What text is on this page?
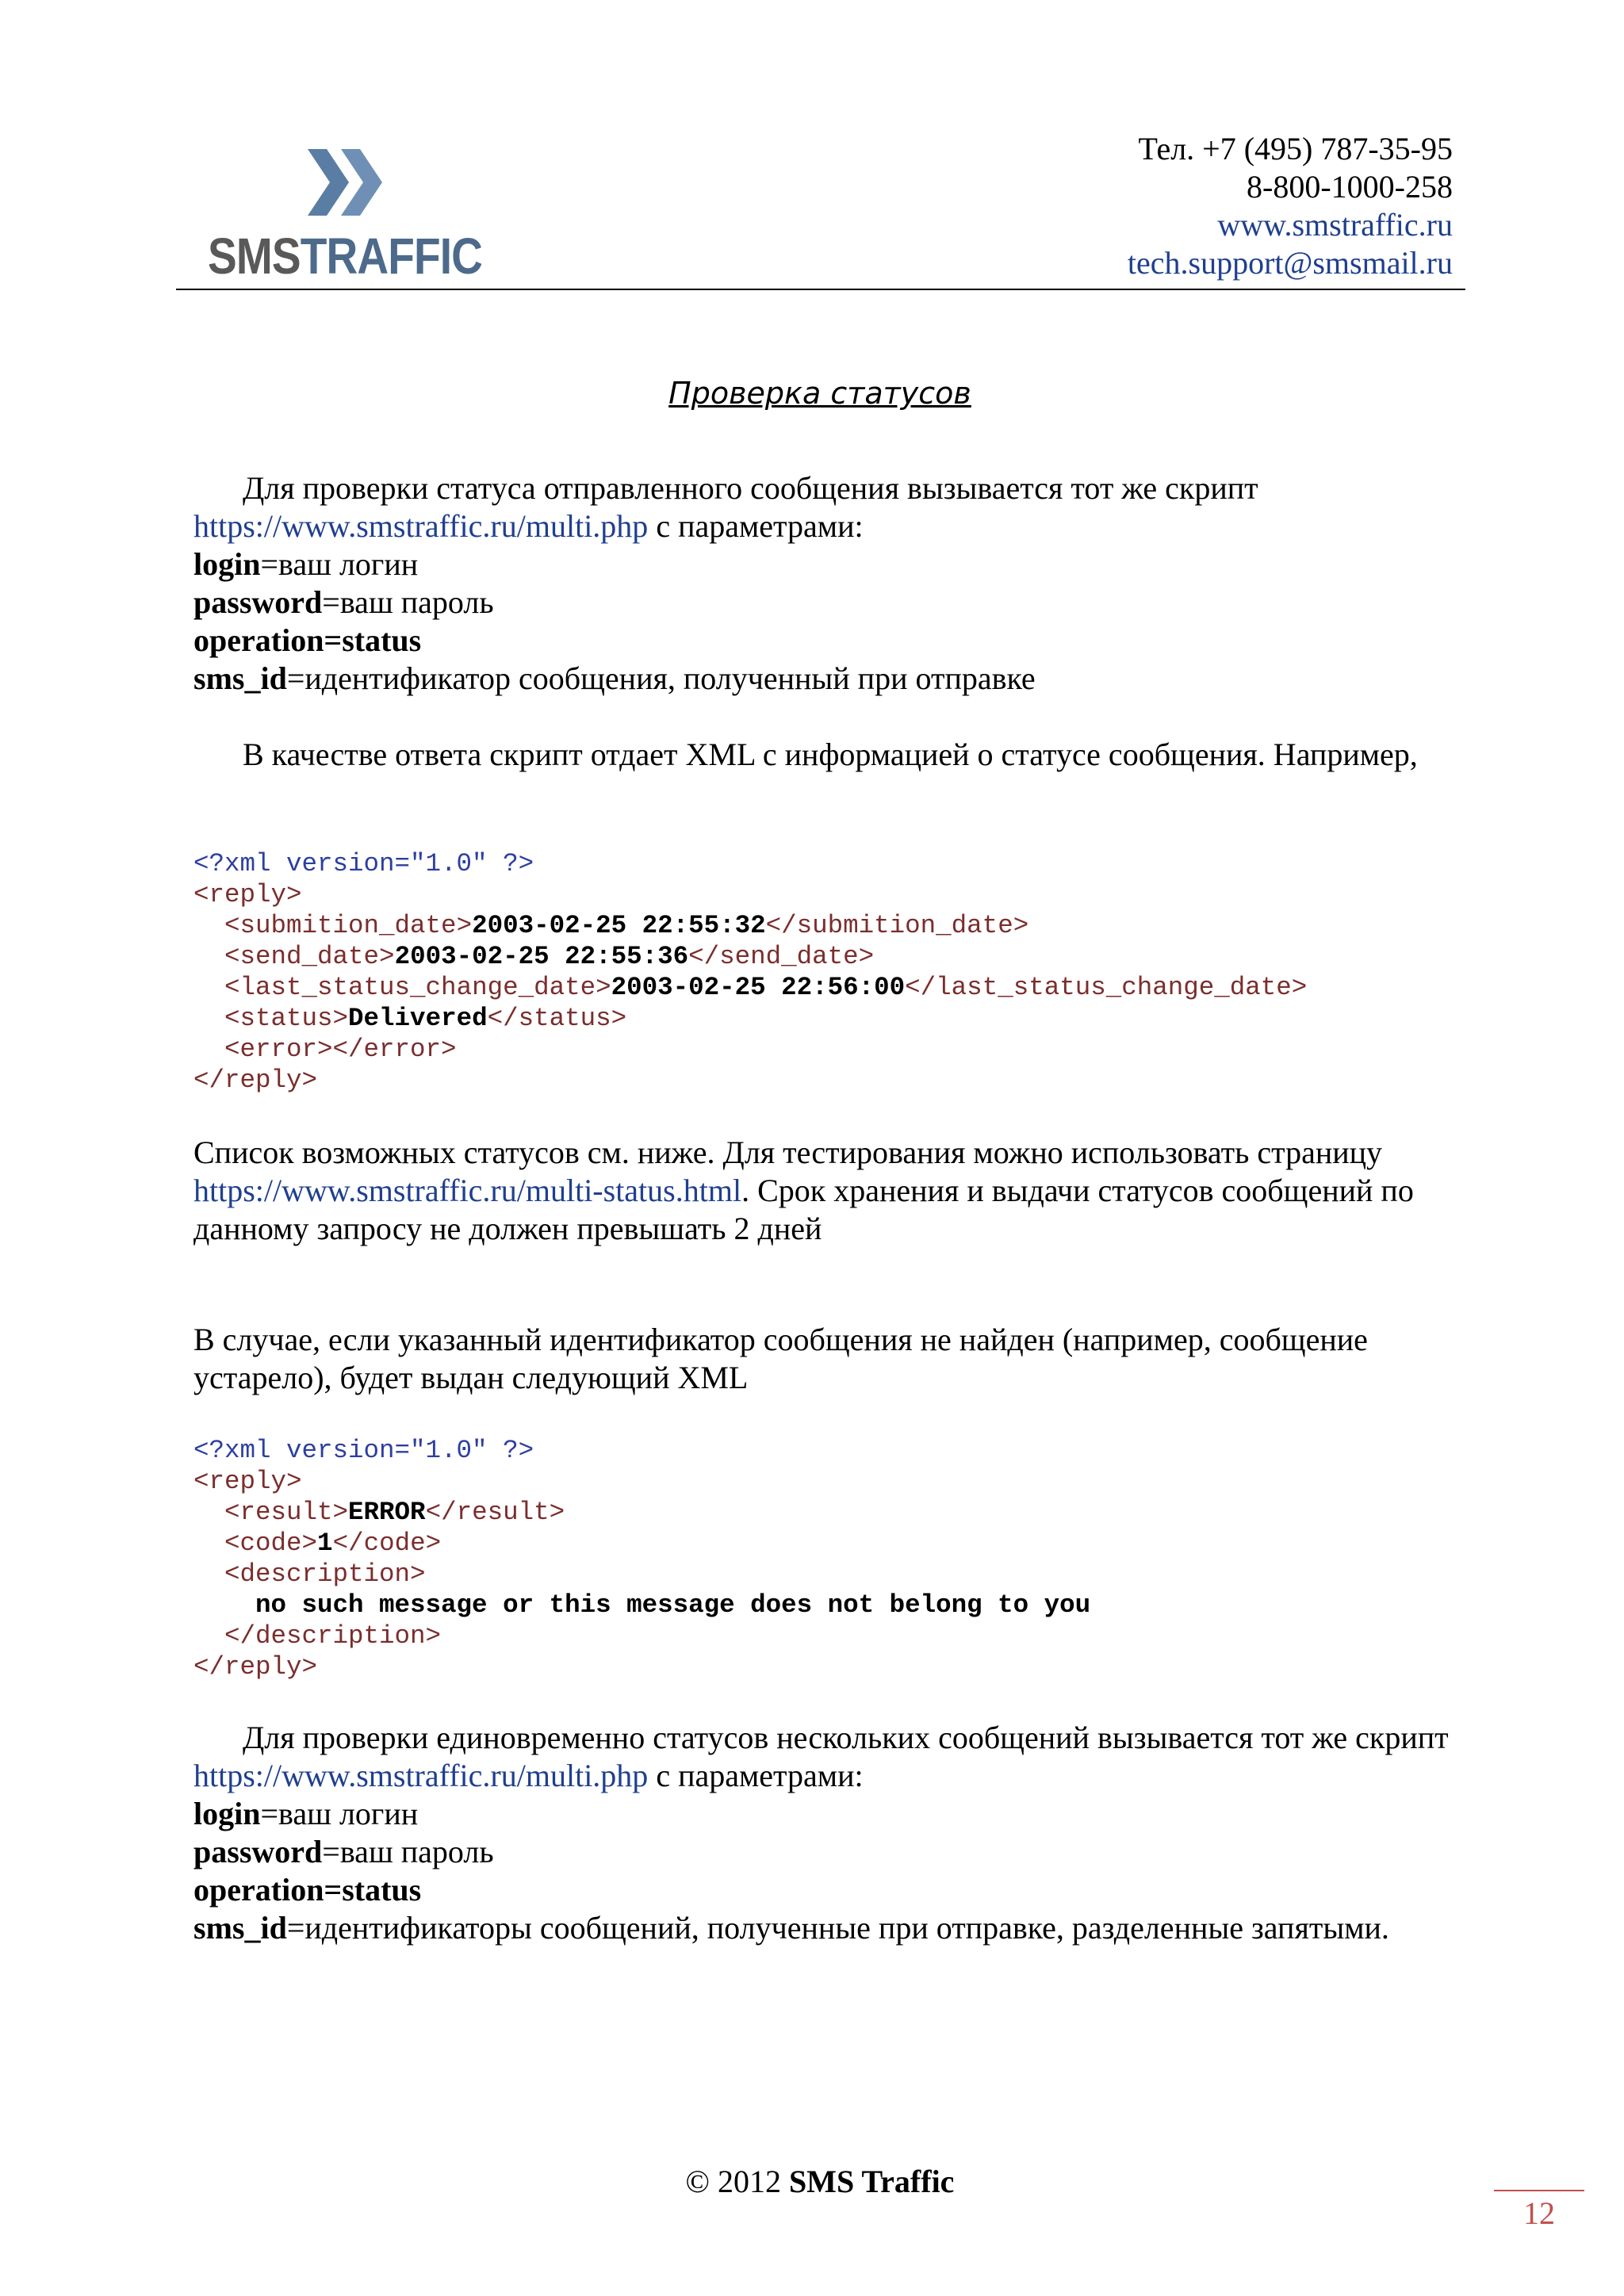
SMSTRAFFIC
Тел. +7 (495) 787-35-95
8-800-1000-258
www.smstraffic.ru
tech.support@smsmail.ru
Проверка статусов
Для проверки статуса отправленного сообщения вызывается тот же скрипт
https://www.smstraffic.ru/multi.php с параметрами:
login=ваш логин
password=ваш пароль
operation=status
sms_id=идентификатор сообщения, полученный при отправке
В качестве ответа скрипт отдает XML с информацией о статусе сообщения. Например,
<?xml version="1.0" ?>
<reply>
<submition_date>2003-02-25 22:55:32</submition_date>
<send_date>2003-02-25 22:55:36</send_date>
<last_status_change_date>2003-02-25 22:56:00</last_status_change_date>
<status>Delivered</status>
<error></error>
</reply>
Список возможных статусов см. ниже. Для тестирования можно использовать страницу
https://www.smstraffic.ru/multi-status.html. Срок хранения и выдачи статусов сообщений по данному запросу не должен превышать 2 дней
В случае, если указанный идентификатор сообщения не найден (например, сообщение устарело), будет выдан следующий XML
<?xml version="1.0" ?>
<reply>
<result>ERROR</result>
<code>1</code>
<description>
no such message or this message does not belong to you
</description>
</reply>
Для проверки единовременно статусов нескольких сообщений вызывается тот же скрипт https://www.smstraffic.ru/multi.php с параметрами:
login=ваш логин
password=ваш пароль
operation=status
sms_id=идентификаторы сообщений, полученные при отправке, разделенные запятыми.
© 2012 SMS Traffic
12
